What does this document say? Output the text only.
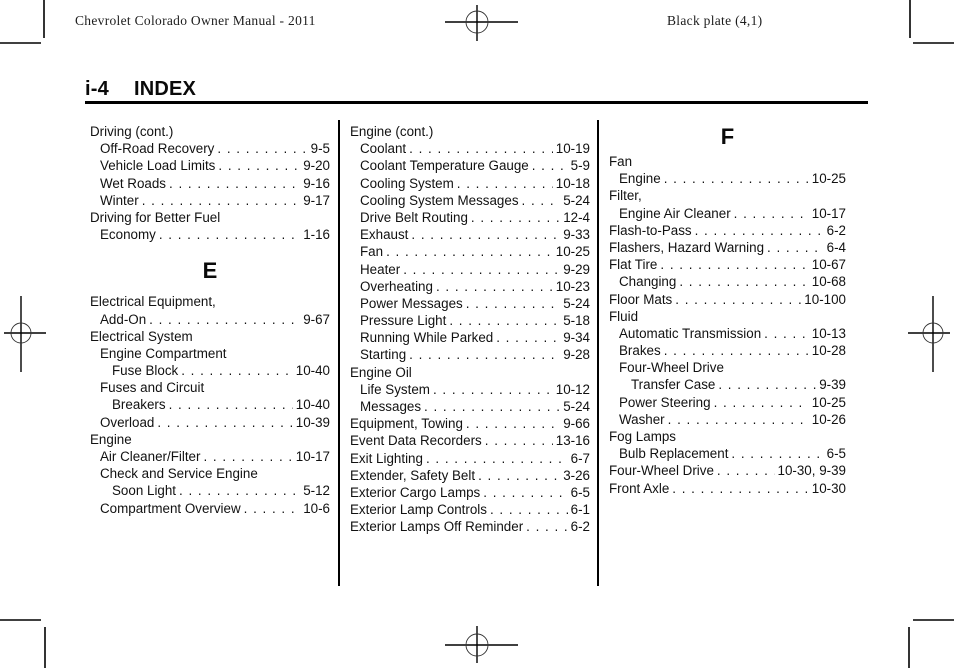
Chevrolet Colorado Owner Manual - 2011	Black plate (4,1)
i-4 INDEX
Driving (cont.)
Off-Road Recovery . . .	9-5
Vehicle Load Limits . . .	9-20
Wet Roads . . .	9-16
Winter . . .	9-17
Driving for Better Fuel
Economy . . .	1-16
E
Electrical Equipment,
Add-On . . .	9-67
Electrical System
Engine Compartment
Fuse Block . . .	10-40
Fuses and Circuit
Breakers . . .	10-40
Overload . . .	10-39
Engine
Air Cleaner/Filter . . .	10-17
Check and Service Engine
Soon Light . . .	5-12
Compartment Overview . . .	10-6
Engine (cont.)
Coolant . . .	10-19
Coolant Temperature Gauge . . .	5-9
Cooling System . . .	10-18
Cooling System Messages . . .	5-24
Drive Belt Routing . . .	12-4
Exhaust . . .	9-33
Fan . . .	10-25
Heater . . .	9-29
Overheating . . .	10-23
Power Messages . . .	5-24
Pressure Light . . .	5-18
Running While Parked . . .	9-34
Starting . . .	9-28
Engine Oil
Life System . . .	10-12
Messages . . .	5-24
Equipment, Towing . . .	9-66
Event Data Recorders . . .	13-16
Exit Lighting . . .	6-7
Extender, Safety Belt . . .	3-26
Exterior Cargo Lamps . . .	6-5
Exterior Lamp Controls . . .	6-1
Exterior Lamps Off Reminder . . .	6-2
F
Fan
Engine . . .	10-25
Filter,
Engine Air Cleaner . . .	10-17
Flash-to-Pass . . .	6-2
Flashers, Hazard Warning . . .	6-4
Flat Tire . . .	10-67
Changing . . .	10-68
Floor Mats . . .	10-100
Fluid
Automatic Transmission . . .	10-13
Brakes . . .	10-28
Four-Wheel Drive
Transfer Case . . .	9-39
Power Steering . . .	10-25
Washer . . .	10-26
Fog Lamps
Bulb Replacement . . .	6-5
Four-Wheel Drive . . .	10-30, 9-39
Front Axle . . .	10-30
